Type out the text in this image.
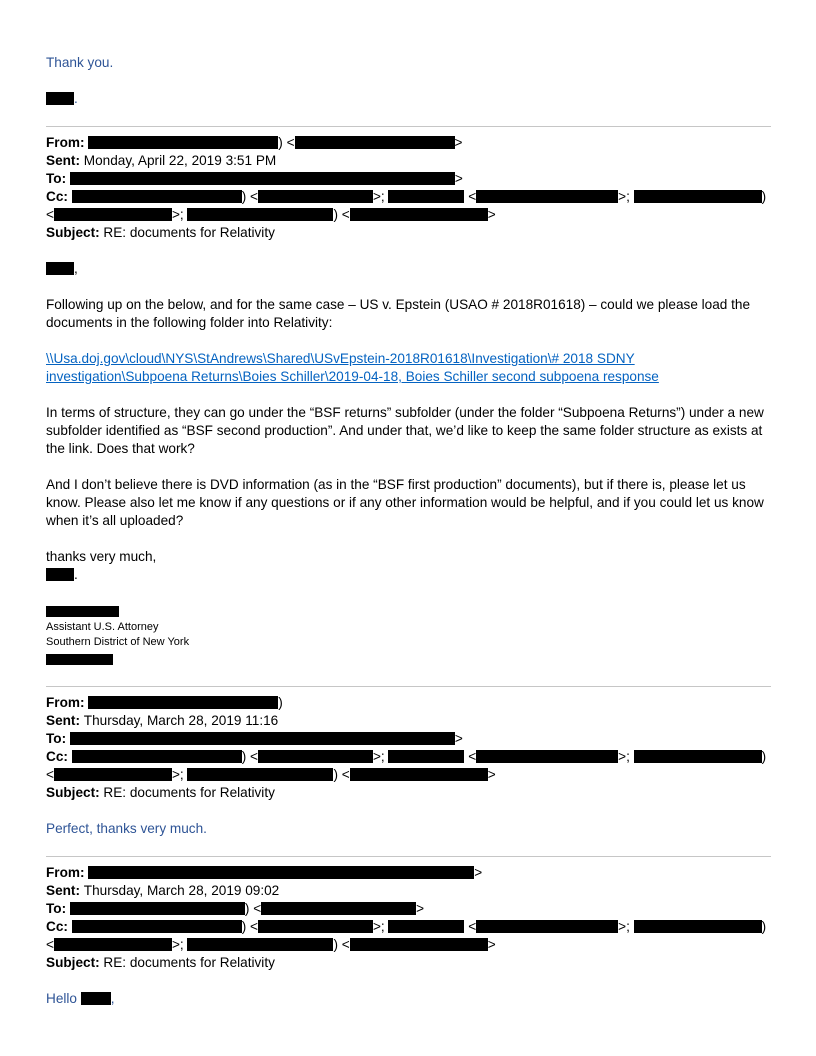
Thank you.
.
From:	) <	>
Sent: Monday, April 22, 2019 3:51 PM
To:	>
Cc:	) <	>;	<	>;	)
<	>;	) <	>
Subject: RE: documents for Relativity
,
Following up on the below, and for the same case – US v. Epstein (USAO # 2018R01618) – could we please load the documents in the following folder into Relativity:
\\Usa.doj.gov\cloud\NYS\StAndrews\Shared\USvEpstein-2018R01618\Investigation\# 2018 SDNY investigation\Subpoena Returns\Boies Schiller\2019-04-18, Boies Schiller second subpoena response
In terms of structure, they can go under the “BSF returns” subfolder (under the folder “Subpoena Returns”) under a new subfolder identified as “BSF second production”. And under that, we’d like to keep the same folder structure as exists at the link. Does that work?
And I don’t believe there is DVD information (as in the “BSF first production” documents), but if there is, please let us know. Please also let me know if any questions or if any other information would be helpful, and if you could let us know when it’s all uploaded?
thanks very much,
.
Assistant U.S. Attorney
Southern District of New York
From:	)
Sent: Thursday, March 28, 2019 11:16
To:	>
Cc:	) <	>;	<	>;	)
<	>;	) <	>
Subject: RE: documents for Relativity
Perfect, thanks very much.
From:	>
Sent: Thursday, March 28, 2019 09:02
To:	) <	>
Cc:	) <	>;	<	>;	)
<	>;	) <	>
Subject: RE: documents for Relativity
Hello ,
